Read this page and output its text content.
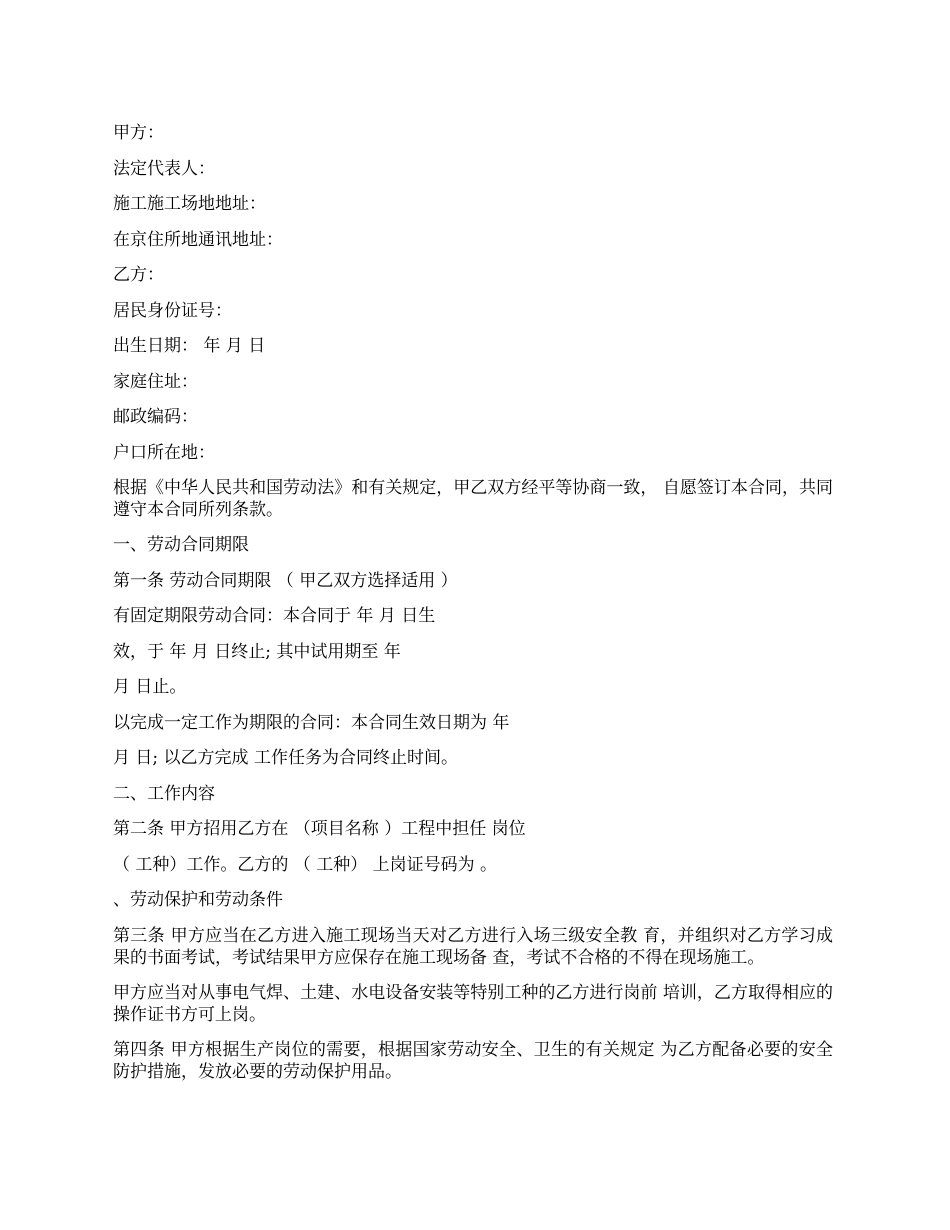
甲方：
法定代表人：
施工施工场地地址：
在京住所地通讯地址：
乙方：
居民身份证号：
出生日期： 年 月 日
家庭住址：
邮政编码：
户口所在地：
根据《中华人民共和国劳动法》和有关规定，甲乙双方经平等协商一致， 自愿签订本合同，共同遵守本合同所列条款。
一、劳动合同期限
第一条 劳动合同期限 （ 甲乙双方选择适用 ）
有固定期限劳动合同：本合同于 年 月 日生
效，于 年 月 日终止; 其中试用期至 年
月 日止。
以完成一定工作为期限的合同：本合同生效日期为 年
月 日; 以乙方完成 工作任务为合同终止时间。
二、工作内容
第二条 甲方招用乙方在 （项目名称 ）工程中担任 岗位
（ 工种）工作。乙方的 （ 工种） 上岗证号码为 。
、劳动保护和劳动条件
第三条 甲方应当在乙方进入施工现场当天对乙方进行入场三级安全教 育，并组织对乙方学习成果的书面考试，考试结果甲方应保存在施工现场备 查，考试不合格的不得在现场施工。
甲方应当对从事电气焊、土建、水电设备安装等特别工种的乙方进行岗前 培训，乙方取得相应的操作证书方可上岗。
第四条 甲方根据生产岗位的需要，根据国家劳动安全、卫生的有关规定 为乙方配备必要的安全防护措施，发放必要的劳动保护用品。
